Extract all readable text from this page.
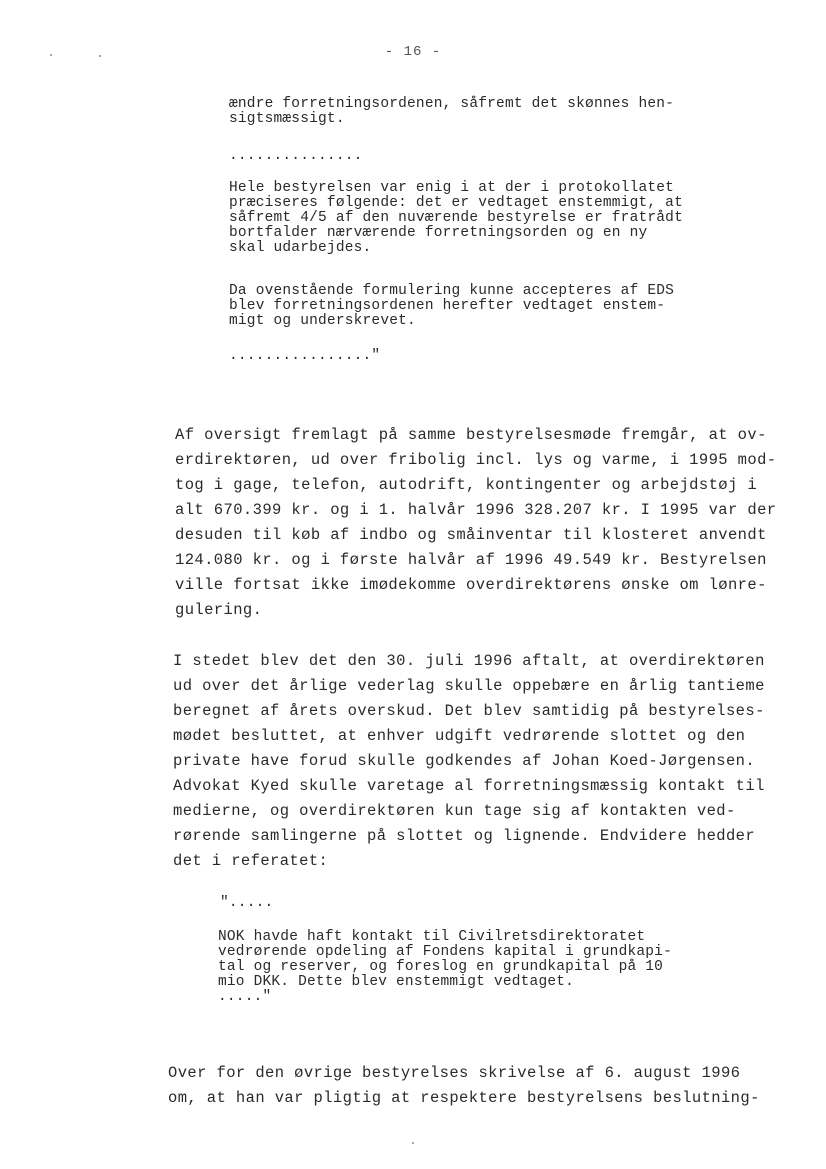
- 16 -
ændre forretningsordenen, såfremt det skønnes hen-
sigtsmæssigt.
...............
Hele bestyrelsen var enig i at der i protokollatet
præciseres følgende: det er vedtaget enstemmigt, at
såfremt 4/5 af den nuværende bestyrelse er fratrådt
bortfalder nærværende forretningsorden og en ny
skal udarbejdes.
Da ovenstående formulering kunne accepteres af EDS
blev forretningsordenen herefter vedtaget enstem-
migt og underskrevet.
................"
Af oversigt fremlagt på samme bestyrelsesmøde fremgår, at ov-
erdirektøren, ud over fribolig incl. lys og varme, i 1995 mod-
tog i gage, telefon, autodrift, kontingenter og arbejdstøj i
alt 670.399 kr. og i 1. halvår 1996 328.207 kr. I 1995 var der
desuden til køb af indbo og småinventar til klosteret anvendt
124.080 kr. og i første halvår af 1996 49.549 kr. Bestyrelsen
ville fortsat ikke imødekomme overdirektørens ønske om lønre-
gulering.
I stedet blev det den 30. juli 1996 aftalt, at overdirektøren
ud over det årlige vederlag skulle oppebære en årlig tantieme
beregnet af årets overskud. Det blev samtidig på bestyrelses-
mødet besluttet, at enhver udgift vedrørende slottet og den
private have forud skulle godkendes af Johan Koed-Jørgensen.
Advokat Kyed skulle varetage al forretningsmæssig kontakt til
medierne, og overdirektøren kun tage sig af kontakten ved-
rørende samlingerne på slottet og lignende. Endvidere hedder
det i referatet:
".....
NOK havde haft kontakt til Civilretsdirektoratet
vedrørende opdeling af Fondens kapital i grundkapi-
tal og reserver, og foreslog en grundkapital på 10
mio DKK. Dette blev enstemmigt vedtaget.
....."
Over for den øvrige bestyrelses skrivelse af 6. august 1996
om, at han var pligtig at respektere bestyrelsens beslutning-
